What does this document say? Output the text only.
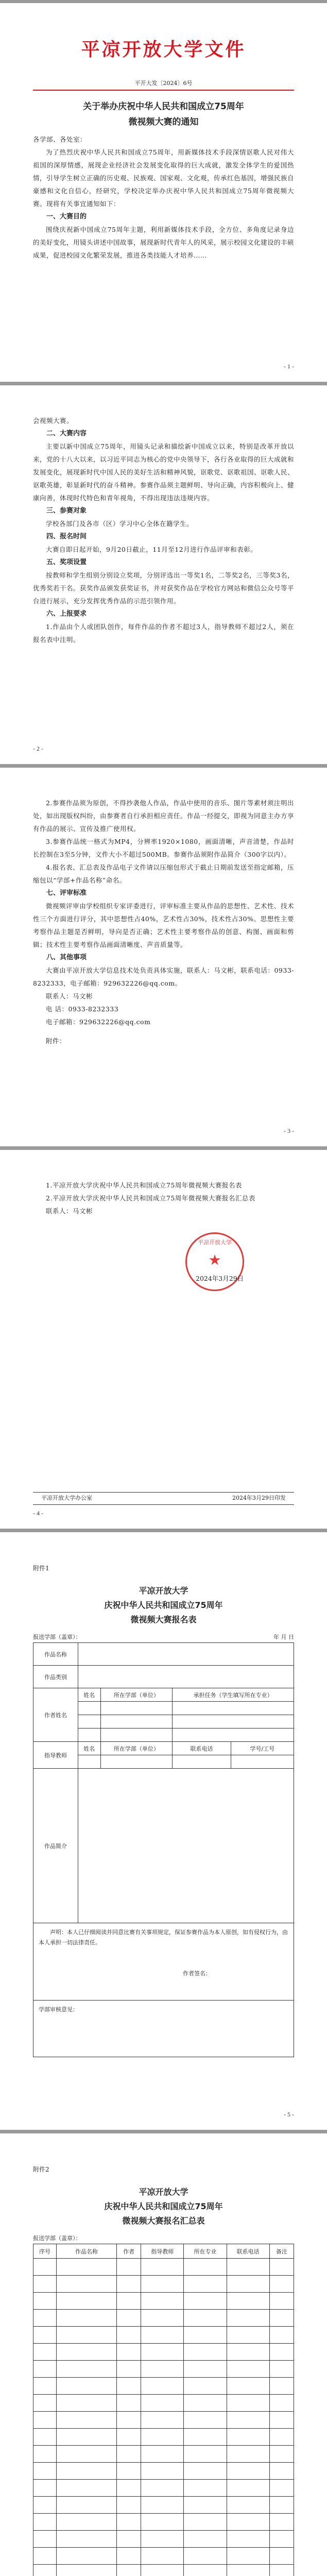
平凉开放大学文件
平开大发〔2024〕6号

关于举办庆祝中华人民共和国成立75周年

微视频大赛的通知

各学部、各处室：

为了热烈庆祝中华人民共和国成立75周年，用新媒体技术手段深情讴歌人民对伟大祖国的深厚情感，展现企业经济社会发展变化取得的巨大成就，激发全体学生的爱国热情，引导学生树立正确的历史观、民族观、国家观、文化观，传承红色基因，增强民族自豪感和文化自信心，经研究，学校决定举办庆祝中华人民共和国成立75周年微视频大赛。现将有关事宜通知如下：

一、大赛目的

围绕庆祝新中国成立75周年主题，利用新媒体技术手段，全方位、多角度记录身边的美好变化，用镜头讲述中国故事，展现新时代青年人的风采，展示校园文化建设的丰硕成果，促进校园文化繁荣发展，推进各类技能人才培养……

- 1 -

会视频大赛。

二、大赛内容

主要以新中国成立75周年，用镜头记录和描绘新中国成立以来，特别是改革开放以来，党的十八大以来，以习近平同志为核心的党中央领导下，各行各业取得的巨大成就和发展变化，展现新时代中国人民的美好生活和精神风貌，讴歌党、讴歌祖国、讴歌人民、讴歌英雄，彰显新时代的奋斗精神。参赛作品须主题鲜明、导向正确，内容积极向上、健康向善，体现时代特色和青年视角，不得出现违法违规内容。

三、参赛对象

学校各部门及各市（区）学习中心全体在籍学生。

四、报名时间

大赛自即日起开始，9月20日截止，11月至12月进行作品评审和表彰。

五、奖项设置

按教师和学生组别分别设立奖项，分别评选出一等奖1名，二等奖2名，三等奖3名，优秀奖若干名。获奖作品颁发获奖证书，并对获奖作品在学校官方网站和微信公众号等平台进行展示，充分发挥优秀作品的示范引领作用。

六、上报要求

1.作品由个人或团队创作，每件作品的作者不超过3人，指导教师不超过2人，须在报名表中注明。

- 2 -

2.参赛作品须为原创，不得抄袭他人作品，作品中使用的音乐、图片等素材须注明出处，如出现版权纠纷，由参赛者自行承担相应责任。作品一经提交，即视为同意主办方享有作品的展示、宣传及推广使用权。

3.参赛作品统一格式为MP4，分辨率1920×1080，画面清晰，声音清楚，作品时长控制在3至5分钟，文件大小不超过500MB。参赛作品须附作品简介（300字以内）。

4.报名表、汇总表及作品电子文件请以压缩包形式于截止日期前发送至指定邮箱，压缩包以“学部+作品名称”命名。

七、评审标准

微视频评审由学校组织专家评委进行，评审标准主要从作品的思想性、艺术性、技术性三个方面进行评分，其中思想性占40%，艺术性占30%，技术性占30%。思想性主要考察作品主题是否鲜明，导向是否正确；艺术性主要考察作品的创意、构图、画面和剪辑；技术性主要考察作品画面清晰度、声音质量等。

八、其他事项

大赛由平凉开放大学信息技术处负责具体实施，联系人：马文彬，联系电话：0933-8232333，电子邮箱：929632226@qq.com。

联系人：马文彬

电 话：0933-8232333

电子邮箱：929632226@qq.com

附件：

- 3 -

1.平凉开放大学庆祝中华人民共和国成立75周年微视频大赛报名表

2.平凉开放大学庆祝中华人民共和国成立75周年微视频大赛报名汇总表

联系人：马文彬

★
平凉开放大学
2024年3月29日
平凉开放大学办公室	2024年3月29日印发
- 4 -
附件1

平凉开放大学

庆祝中华人民共和国成立75周年

微视频大赛报名表

报送学部（盖章）：	年 月 日
作品名称				
作品类别				
作者姓名	姓名	所在学部（单位）	承担任务（学生填写所在专业）	

指导教师	姓名	所在学部（单位）	联系电话	学号/工号

作品简介				

声明：本人已仔细阅读并同意比赛有关事项规定，保证参赛作品为本人原创，如有侵权行为，由本人承担一切法律责任。
作者签名：				

学部审核意见：				
- 5 -
附件2

平凉开放大学

庆祝中华人民共和国成立75周年

微视频大赛报名汇总表

报送学部（盖章）：
序号	作品名称	作者	指导教师	所在专业	联系电话	备注
